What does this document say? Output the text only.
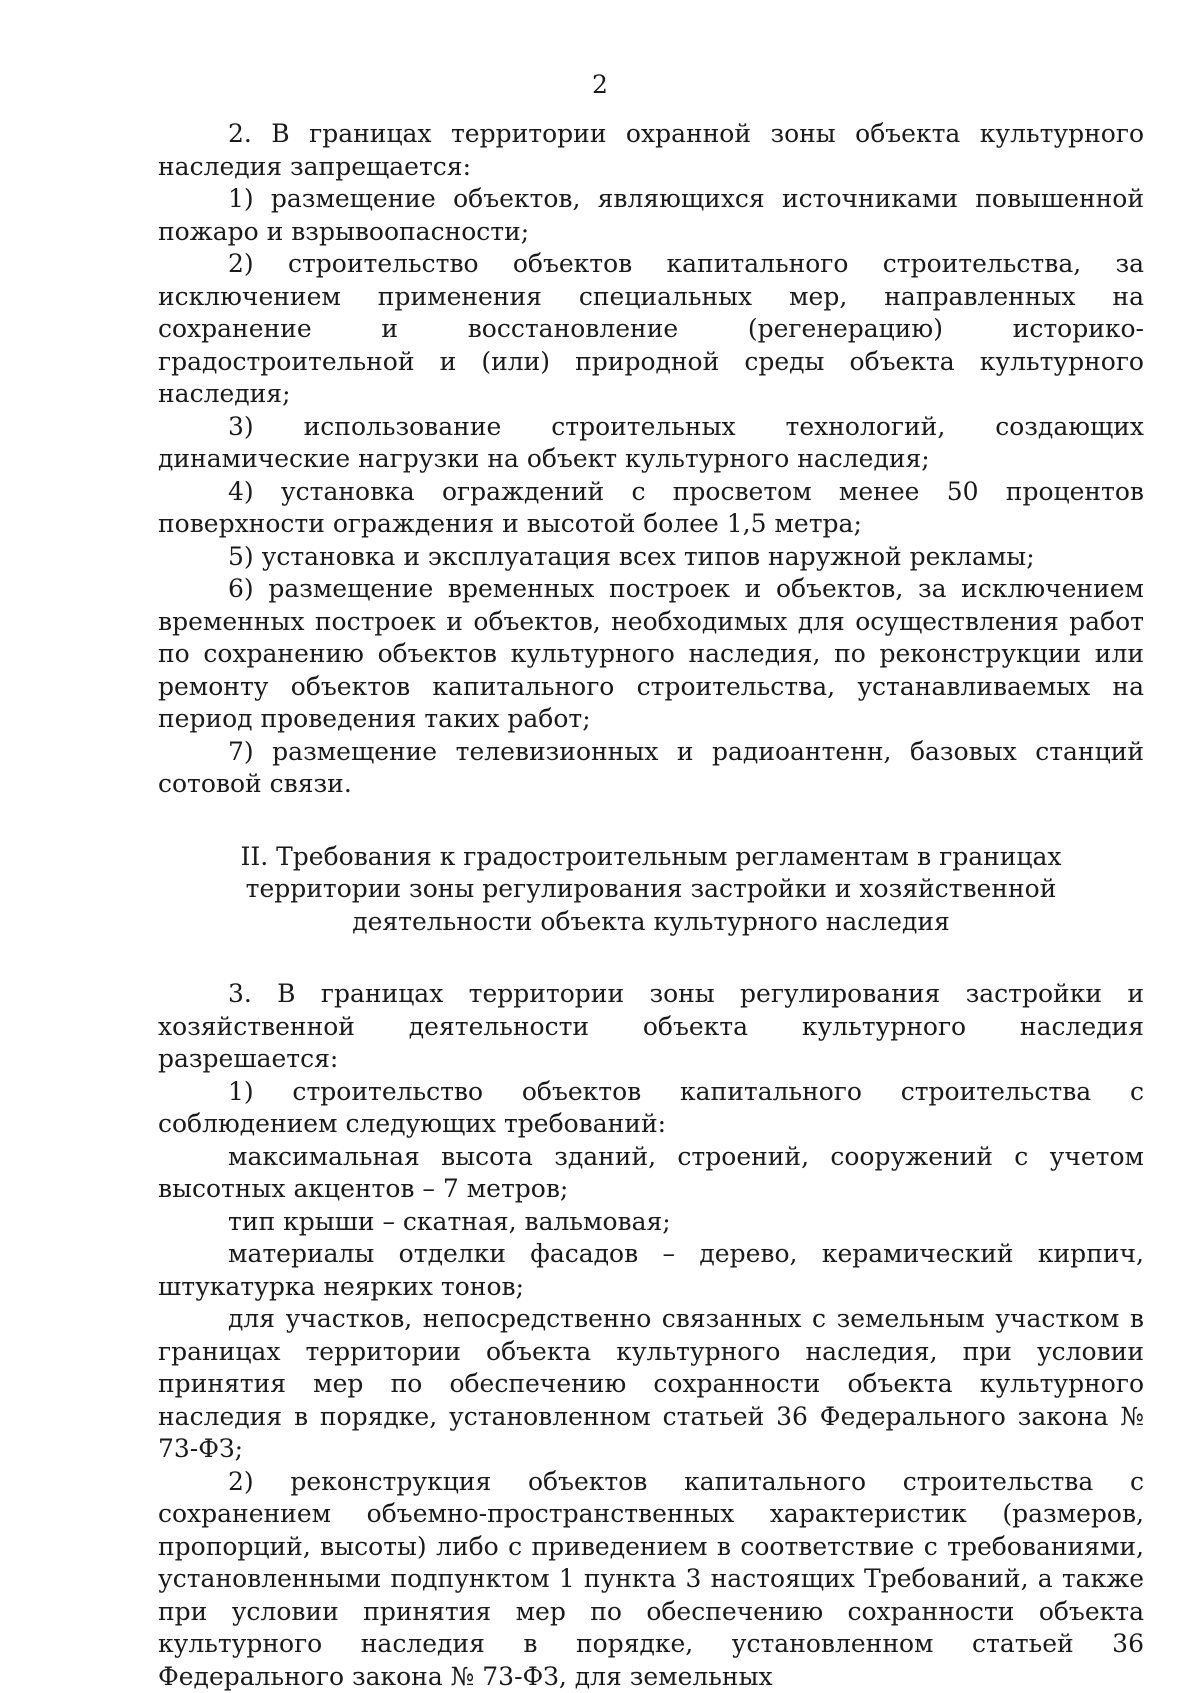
2

2. В границах территории охранной зоны объекта культурного наследия запрещается:

1) размещение объектов, являющихся источниками повышенной пожаро и взрывоопасности;

2) строительство объектов капитального строительства, за исключением применения специальных мер, направленных на сохранение и восстановление (регенерацию) историко-градостроительной и (или) природной среды объекта культурного наследия;

3) использование строительных технологий, создающих динамические нагрузки на объект культурного наследия;

4) установка ограждений с просветом менее 50 процентов поверхности ограждения и высотой более 1,5 метра;

5) установка и эксплуатация всех типов наружной рекламы;

6) размещение временных построек и объектов, за исключением временных построек и объектов, необходимых для осуществления работ по сохранению объектов культурного наследия, по реконструкции или ремонту объектов капитального строительства, устанавливаемых на период проведения таких работ;

7) размещение телевизионных и радиоантенн, базовых станций сотовой связи.

II. Требования к градостроительным регламентам в границах территории зоны регулирования застройки и хозяйственной деятельности объекта культурного наследия

3. В границах территории зоны регулирования застройки и хозяйственной деятельности объекта культурного наследия разрешается:

1) строительство объектов капитального строительства с соблюдением следующих требований:

максимальная высота зданий, строений, сооружений с учетом высотных акцентов – 7 метров;

тип крыши – скатная, вальмовая;

материалы отделки фасадов – дерево, керамический кирпич, штукатурка неярких тонов;

для участков, непосредственно связанных с земельным участком в границах территории объекта культурного наследия, при условии принятия мер по обеспечению сохранности объекта культурного наследия в порядке, установленном статьей 36 Федерального закона № 73-ФЗ;

2) реконструкция объектов капитального строительства с сохранением объемно-пространственных характеристик (размеров, пропорций, высоты) либо с приведением в соответствие с требованиями, установленными подпунктом 1 пункта 3 настоящих Требований, а также при условии принятия мер по обеспечению сохранности объекта культурного наследия в порядке, установленном статьей 36 Федерального закона № 73-ФЗ, для земельных
